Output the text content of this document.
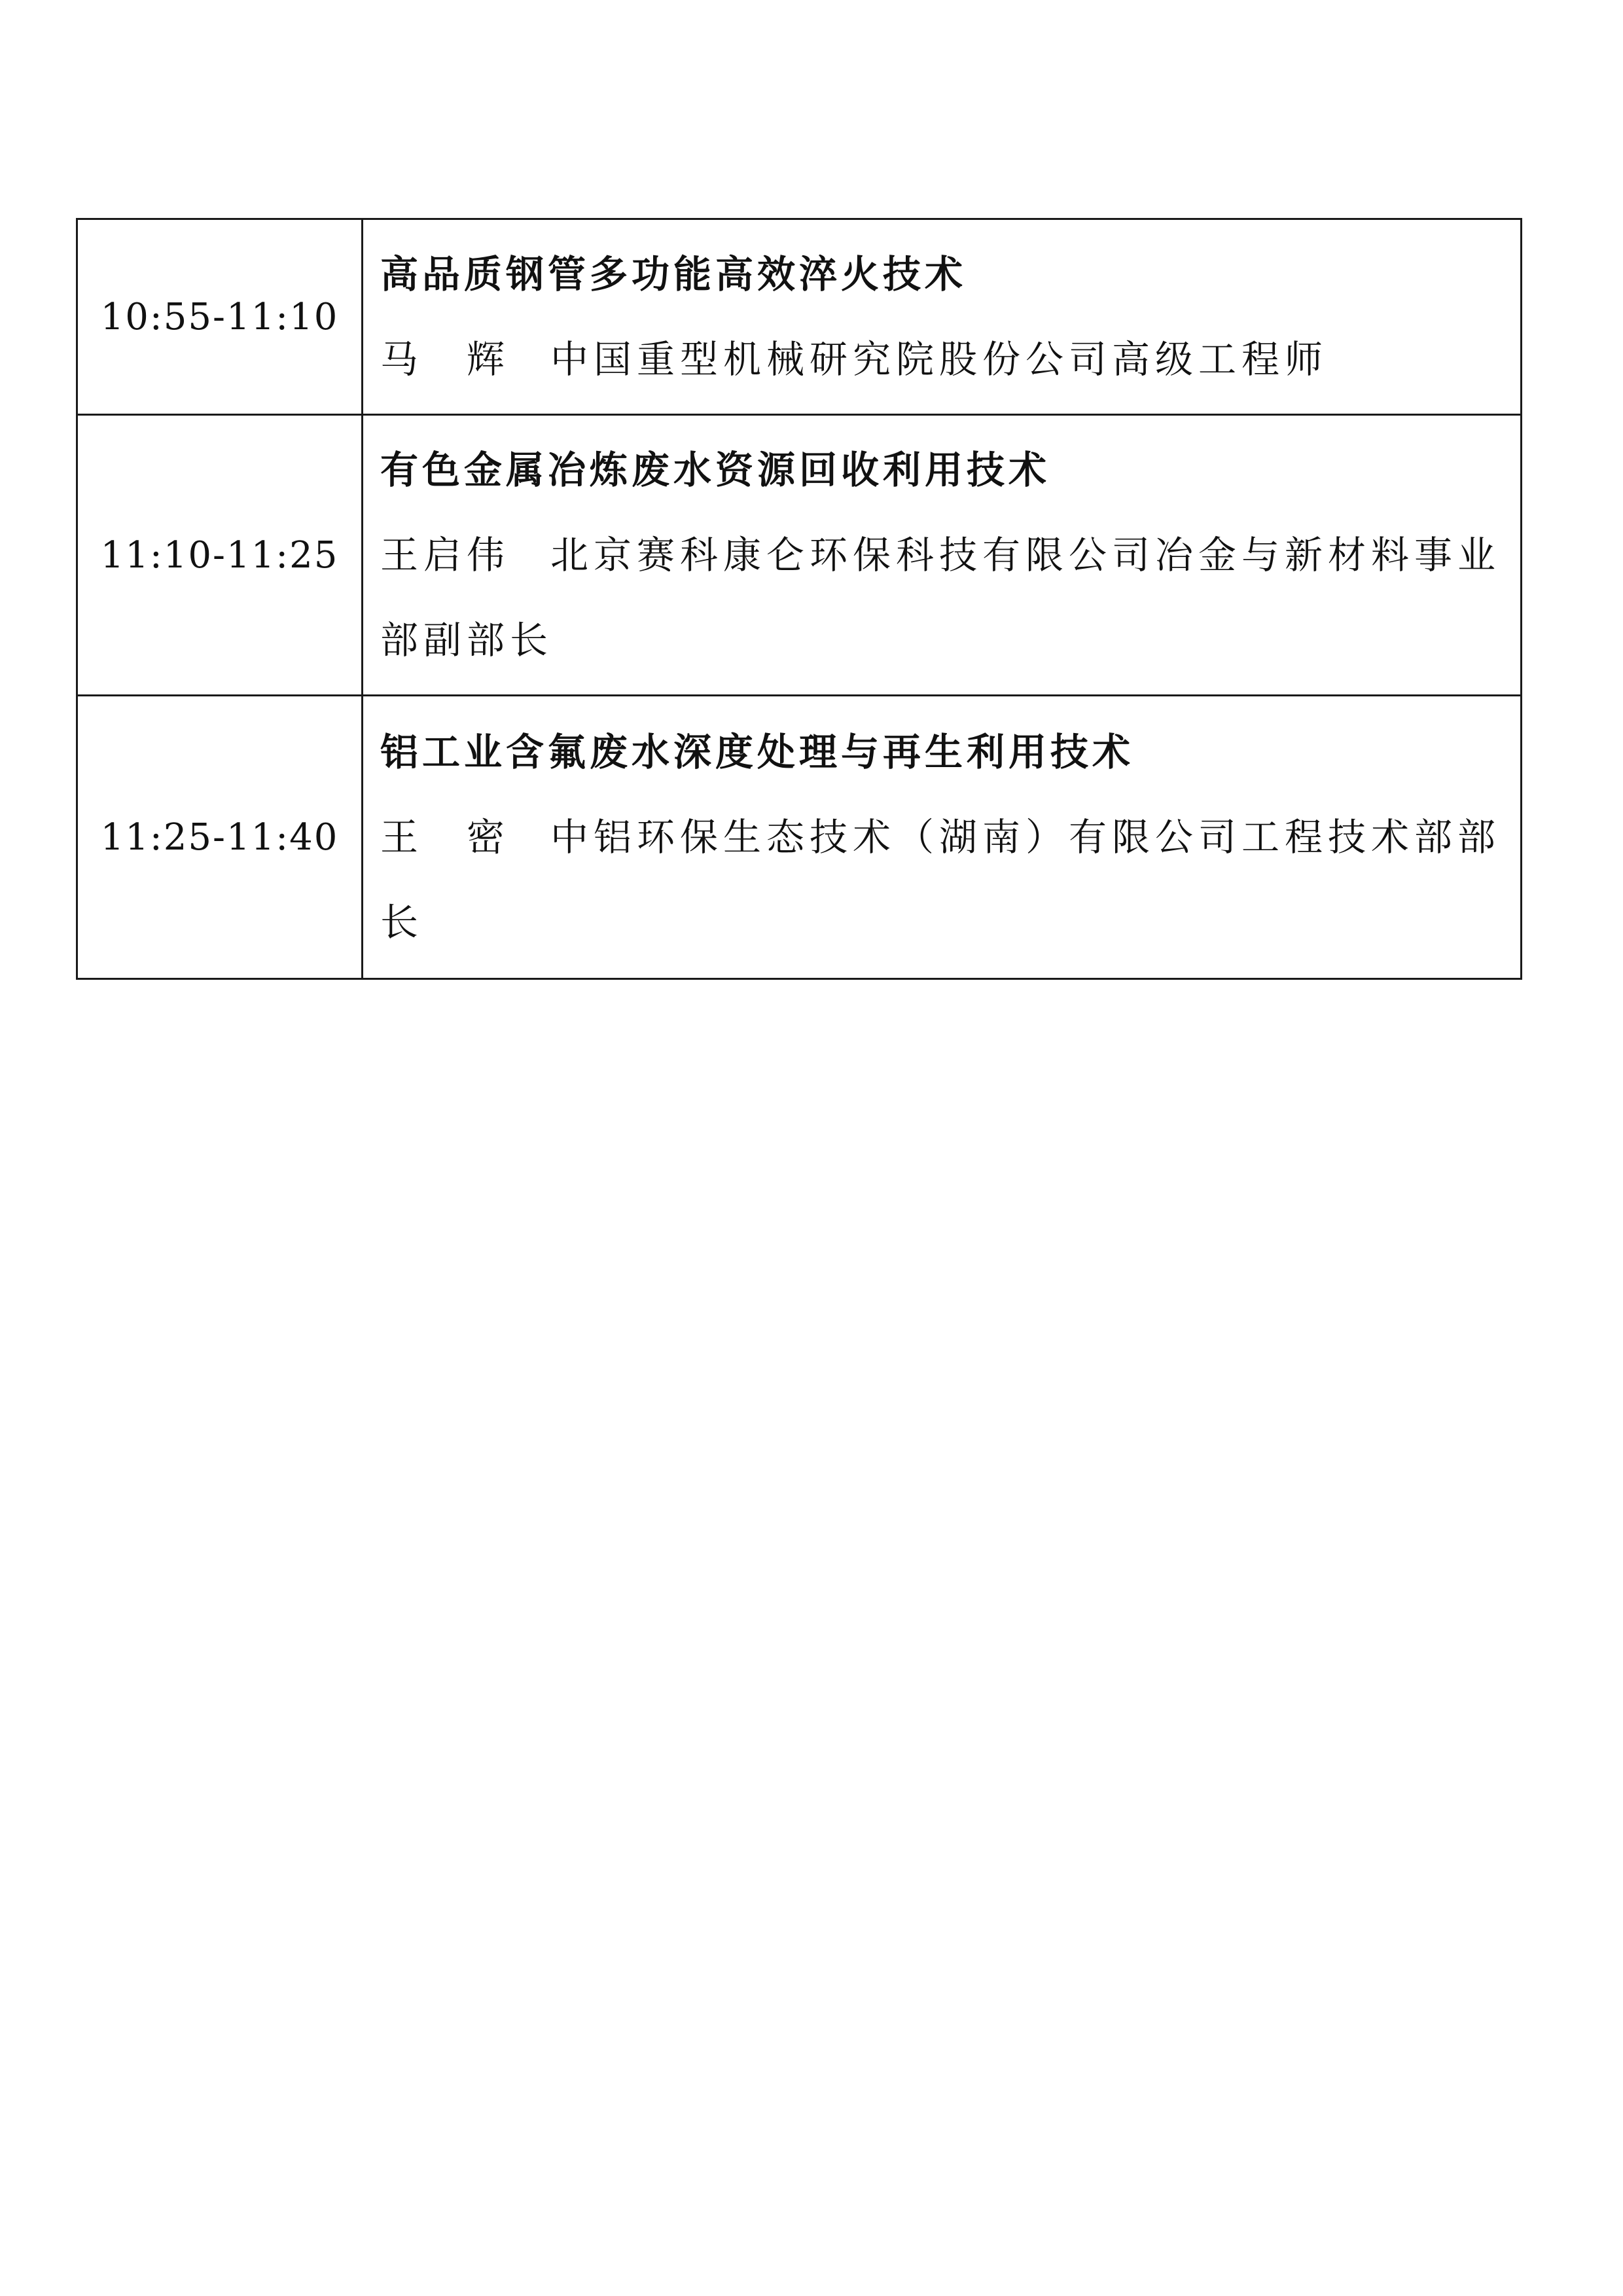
10:55-11:10	高品质钢管多功能高效淬火技术
马　辉 中国重型机械研究院股份公司高级工程师

11:10-11:25	有色金属冶炼废水资源回收利用技术
王启伟 北京赛科康仑环保科技有限公司冶金与新材料事业部副部长

11:25-11:40	铝工业含氟废水深度处理与再生利用技术
王　密 中铝环保生态技术（湖南）有限公司工程技术部部长
